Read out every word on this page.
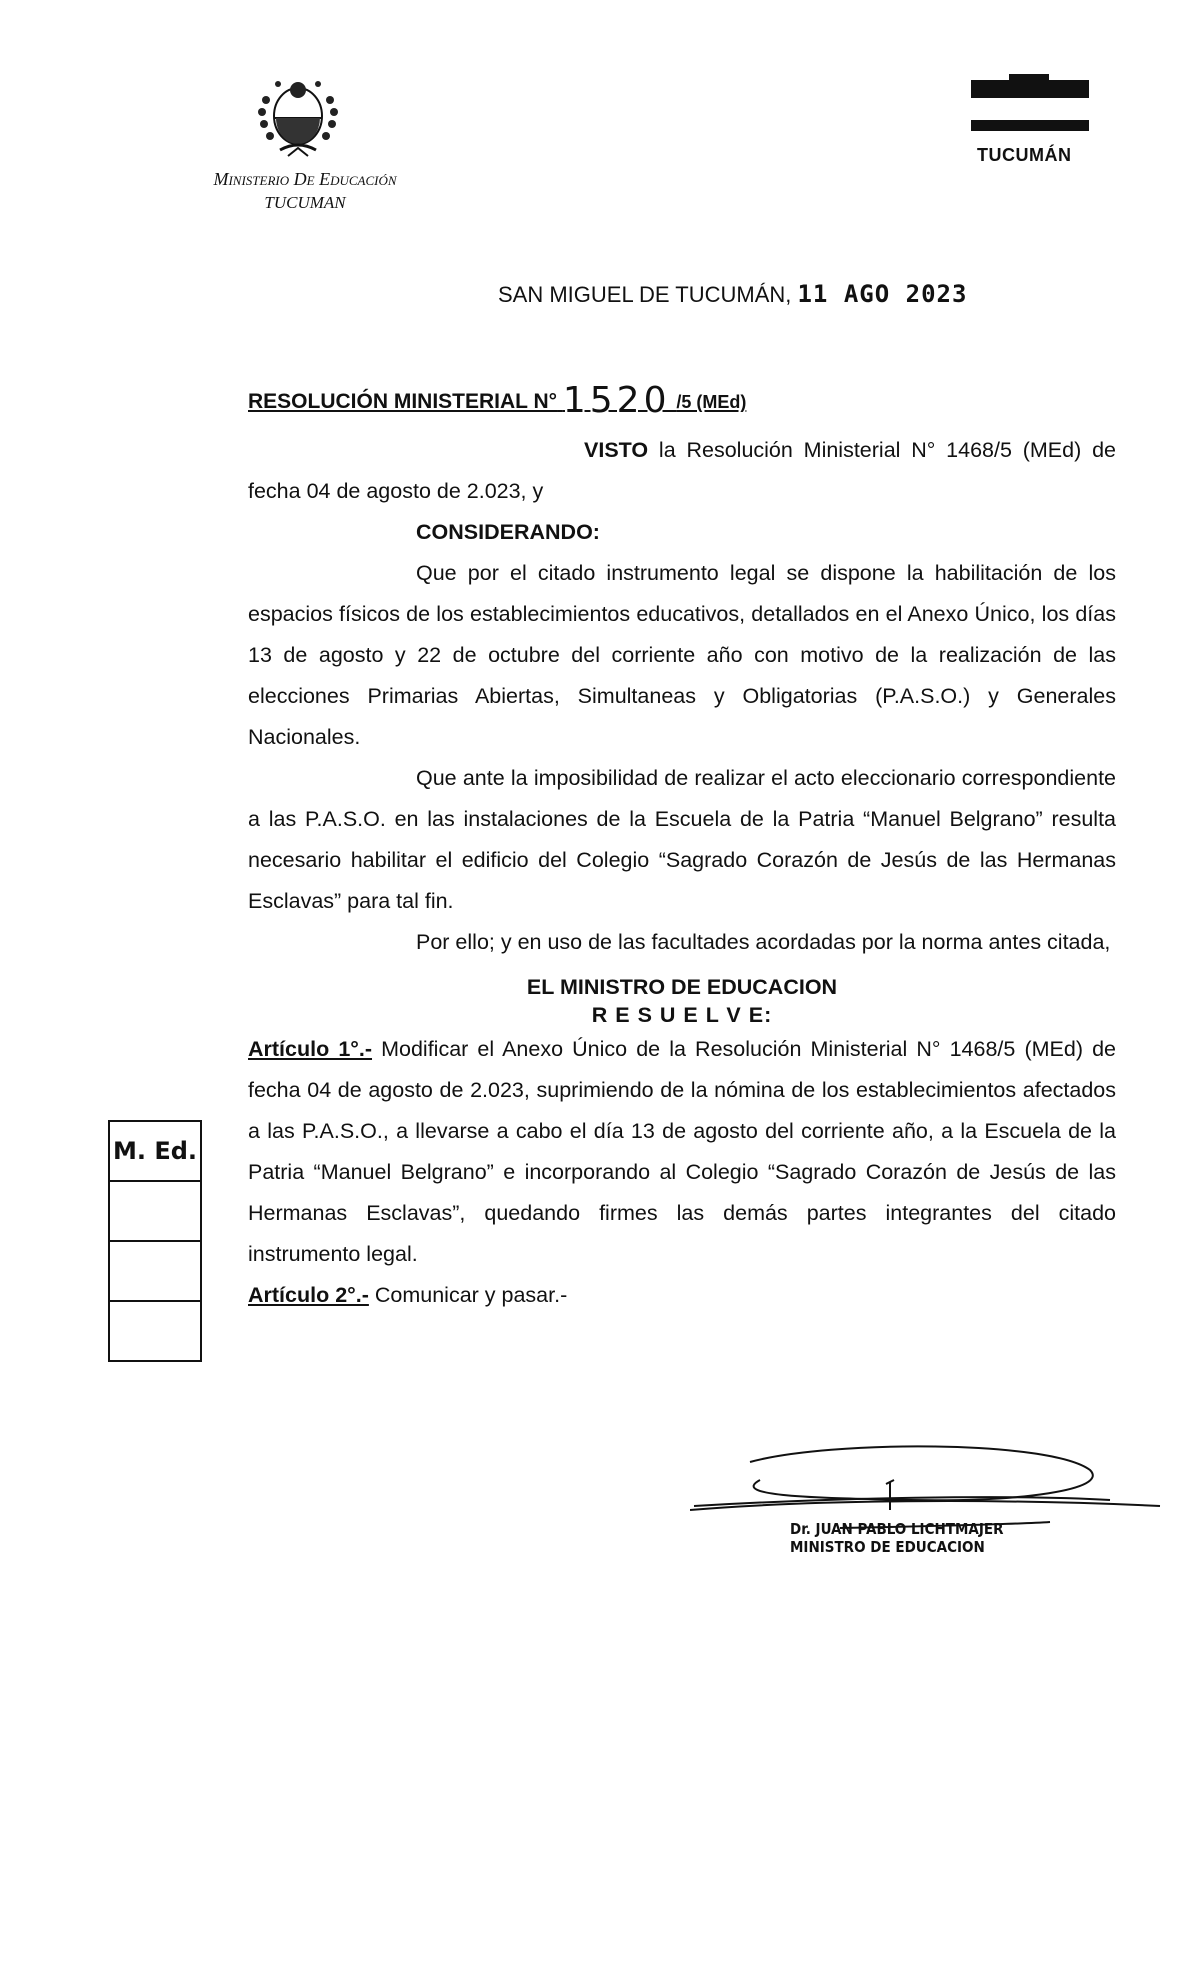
MINISTERIO DE EDUCACIÓN
TUCUMAN
TUCUMÁN
SAN MIGUEL DE TUCUMÁN, 11 AGO 2023
RESOLUCIÓN MINISTERIAL N° 1520 /5 (MEd)

VISTO la Resolución Ministerial N° 1468/5 (MEd) de fecha 04 de agosto de 2.023, y

CONSIDERANDO:

Que por el citado instrumento legal se dispone la habilitación de los espacios físicos de los establecimientos educativos, detallados en el Anexo Único, los días 13 de agosto y 22 de octubre del corriente año con motivo de la realización de las elecciones Primarias Abiertas, Simultaneas y Obligatorias (P.A.S.O.) y Generales Nacionales.

Que ante la imposibilidad de realizar el acto eleccionario correspondiente a las P.A.S.O. en las instalaciones de la Escuela de la Patria “Manuel Belgrano” resulta necesario habilitar el edificio del Colegio “Sagrado Corazón de Jesús de las Hermanas Esclavas” para tal fin.

Por ello; y en uso de las facultades acordadas por la norma antes citada,

EL MINISTRO DE EDUCACION

R E S U E L V E:

Artículo 1°.- Modificar el Anexo Único de la Resolución Ministerial N° 1468/5 (MEd) de fecha 04 de agosto de 2.023, suprimiendo de la nómina de los establecimientos afectados a las P.A.S.O., a llevarse a cabo el día 13 de agosto del corriente año, a la Escuela de la Patria “Manuel Belgrano” e incorporando al Colegio “Sagrado Corazón de Jesús de las Hermanas Esclavas”, quedando firmes las demás partes integrantes del citado instrumento legal.

Artículo 2°.- Comunicar y pasar.-

M. Ed.
Dr. JUAN PABLO LICHTMAJER
MINISTRO DE EDUCACION
